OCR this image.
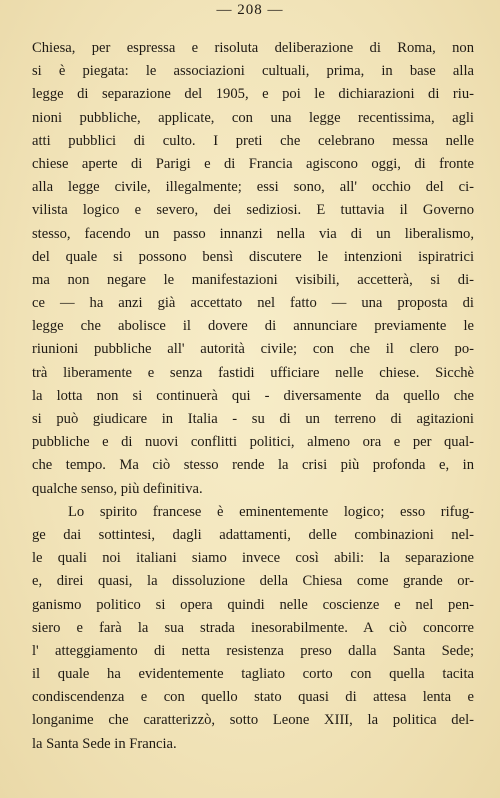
— 208 —
Chiesa, per espressa e risoluta deliberazione di Roma, non
si è piegata: le associazioni cultuali, prima, in base alla
legge di separazione del 1905, e poi le dichiarazioni di riu-
nioni pubbliche, applicate, con una legge recentissima, agli
atti pubblici di culto. I preti che celebrano messa nelle
chiese aperte di Parigi e di Francia agiscono oggi, di fronte
alla legge civile, illegalmente; essi sono, all' occhio del ci-
vilista logico e severo, dei sediziosi. E tuttavia il Governo
stesso, facendo un passo innanzi nella via di un liberalismo,
del quale si possono bensì discutere le intenzioni ispiratrici
ma non negare le manifestazioni visibili, accetterà, si di-
ce — ha anzi già accettato nel fatto — una proposta di
legge che abolisce il dovere di annunciare previamente le
riunioni pubbliche all' autorità civile; con che il clero po-
trà liberamente e senza fastidi ufficiare nelle chiese. Sicchè
la lotta non si continuerà qui - diversamente da quello che
si può giudicare in Italia - su di un terreno di agitazioni
pubbliche e di nuovi conflitti politici, almeno ora e per qual-
che tempo. Ma ciò stesso rende la crisi più profonda e, in
qualche senso, più definitiva.
Lo spirito francese è eminentemente logico; esso rifug-
ge dai sottintesi, dagli adattamenti, delle combinazioni nel-
le quali noi italiani siamo invece così abili: la separazione
e, direi quasi, la dissoluzione della Chiesa come grande or-
ganismo politico si opera quindi nelle coscienze e nel pen-
siero e farà la sua strada inesorabilmente. A ciò concorre
l' atteggiamento di netta resistenza preso dalla Santa Sede;
il quale ha evidentemente tagliato corto con quella tacita
condiscendenza e con quello stato quasi di attesa lenta e
longanime che caratterizzò, sotto Leone XIII, la politica del-
la Santa Sede in Francia.
